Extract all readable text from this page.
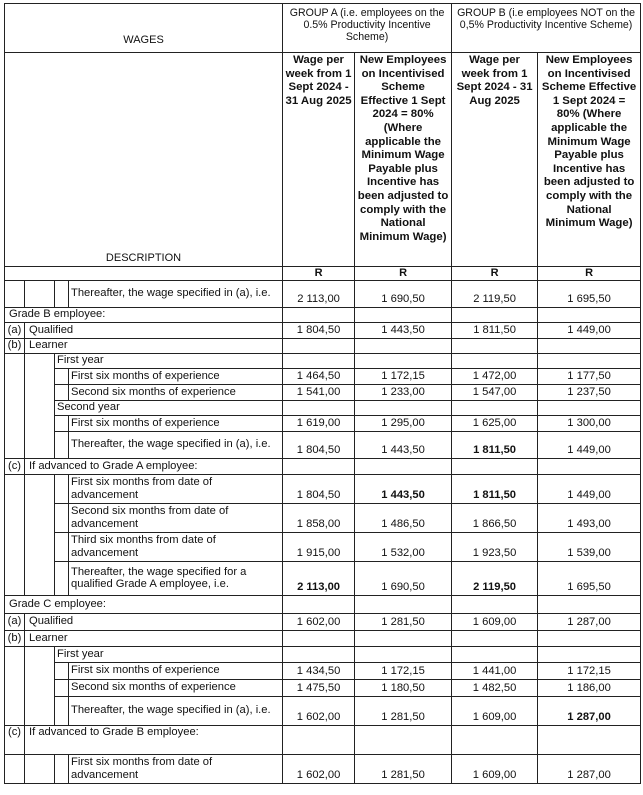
WAGES				GROUP A (i.e. employees on the 0.5% Productivity Incentive Scheme)		GROUP B (i.e employees NOT on the 0,5% Productivity Incentive Scheme)	
DESCRIPTION				Wage per week from 1 Sept 2024 - 31 Aug 2025	New Employees on Incentivised Scheme Effective 1 Sept 2024 = 80% (Where applicable the Minimum Wage Payable plus Incentive has been adjusted to comply with the National Minimum Wage)	Wage per week from 1 Sept 2024 - 31 Aug 2025	New Employees on Incentivised Scheme Effective 1 Sept 2024 = 80% (Where applicable the Minimum Wage Payable plus Incentive has been adjusted to comply with the National Minimum Wage)
				R	R	R	R
			Thereafter, the wage specified in (a), i.e.	2 113,00	1 690,50	2 119,50	1 695,50
Grade B employee:							
(a)	Qualified			1 804,50	1 443,50	1 811,50	1 449,00
(b)	Learner						
		First year					
			First six months of experience	1 464,50	1 172,15	1 472,00	1 177,50
			Second six months of experience	1 541,00	1 233,00	1 547,00	1 237,50
		Second year					
			First six months of experience	1 619,00	1 295,00	1 625,00	1 300,00
			Thereafter, the wage specified in (a), i.e.	1 804,50	1 443,50	1 811,50	1 449,00
(c)	If advanced to Grade A employee:						
			First six months from date of advancement	1 804,50	1 443,50	1 811,50	1 449,00
			Second six months from date of advancement	1 858,00	1 486,50	1 866,50	1 493,00
			Third six months from date of advancement	1 915,00	1 532,00	1 923,50	1 539,00
			Thereafter, the wage specified for a qualified Grade A employee, i.e.	2 113,00	1 690,50	2 119,50	1 695,50
Grade C employee:							
(a)	Qualified			1 602,00	1 281,50	1 609,00	1 287,00
(b)	Learner						
		First year					
			First six months of experience	1 434,50	1 172,15	1 441,00	1 172,15
			Second six months of experience	1 475,50	1 180,50	1 482,50	1 186,00
			Thereafter, the wage specified in (a), i.e.	1 602,00	1 281,50	1 609,00	1 287,00
(c)	If advanced to Grade B employee:						
			First six months from date of advancement	1 602,00	1 281,50	1 609,00	1 287,00
